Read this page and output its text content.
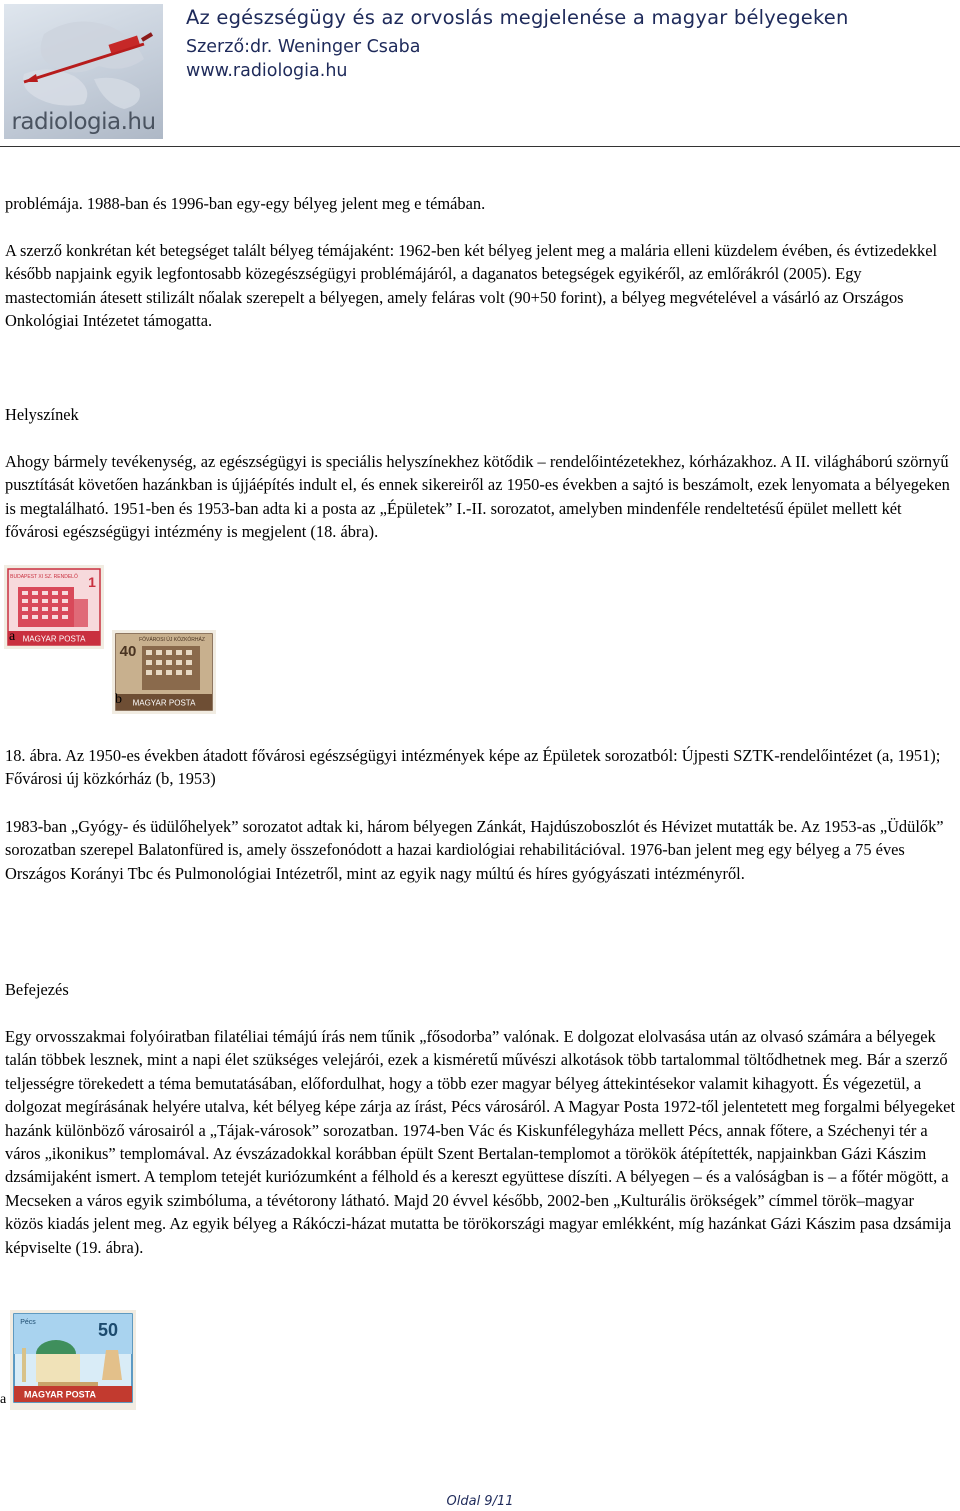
radiologia.hu
Az egészségügy és az orvoslás megjelenése a magyar bélyegeken
Szerző:dr. Weninger Csaba
www.radiologia.hu

problémája. 1988-ban és 1996-ban egy-egy bélyeg jelent meg e témában.

A szerző konkrétan két betegséget talált bélyeg témájaként: 1962-ben két bélyeg jelent meg a malária elleni küzdelem évében, és évtizedekkel később napjaink egyik legfontosabb közegészségügyi problémájáról, a daganatos betegségek egyikéről, az emlőrákról (2005). Egy mastectomián átesett stilizált nőalak szerepelt a bélyegen, amely feláras volt (90+50 forint), a bélyeg megvételével a vásárló az Országos Onkológiai Intézetet támogatta.

Helyszínek

Ahogy bármely tevékenység, az egészségügyi is speciális helyszínekhez kötődik – rendelőintézetekhez, kórházakhoz. A II. világháború szörnyű pusztítását követően hazánkban is újjáépítés indult el, és ennek sikereiről az 1950-es években a sajtó is beszámolt, ezek lenyomata a bélyegeken is megtalálható. 1951-ben és 1953-ban adta ki a posta az „Épületek” I.-II. sorozatot, amelyben mindenféle rendeltetésű épület mellett két fővárosi egészségügyi intézmény is megjelent (18. ábra).

MAGYAR POSTA
BUDAPEST XI SZ. RENDELŐ 1
a
MAGYAR POSTA
FŐVÁROSI ÚJ KÖZKÓRHÁZ
40
b

18. ábra. Az 1950-es években átadott fővárosi egészségügyi intézmények képe az Épületek sorozatból: Újpesti SZTK-rendelőintézet (a, 1951); Fővárosi új közkórház (b, 1953)

1983-ban „Gyógy- és üdülőhelyek” sorozatot adtak ki, három bélyegen Zánkát, Hajdúszoboszlót és Hévizet mutatták be. Az 1953-as „Üdülők” sorozatban szerepel Balatonfüred is, amely összefonódott a hazai kardiológiai rehabilitációval. 1976-ban jelent meg egy bélyeg a 75 éves Országos Korányi Tbc és Pulmonológiai Intézetről, mint az egyik nagy múltú és híres gyógyászati intézményről.

Befejezés

Egy orvosszakmai folyóiratban filatéliai témájú írás nem tűnik „fősodorba” valónak. E dolgozat elolvasása után az olvasó számára a bélyegek talán többek lesznek, mint a napi élet szükséges velejárói, ezek a kisméretű művészi alkotások több tartalommal töltődhetnek meg. Bár a szerző teljességre törekedett a téma bemutatásában, előfordulhat, hogy a több ezer magyar bélyeg áttekintésekor valamit kihagyott. És végezetül, a dolgozat megírásának helyére utalva, két bélyeg képe zárja az írást, Pécs városáról. A Magyar Posta 1972-től jelentetett meg forgalmi bélyegeket hazánk különböző városairól a „Tájak-városok” sorozatban. 1974-ben Vác és Kiskunfélegyháza mellett Pécs, annak főtere, a Széchenyi tér a város „ikonikus” templomával. Az évszázadokkal korábban épült Szent Bertalan-templomot a törökök átépítették, napjainkban Gázi Kászim dzsámijaként ismert. A templom tetejét kuriózumként a félhold és a kereszt együttese díszíti. A bélyegen – és a valóságban is – a főtér mögött, a Mecseken a város egyik szimbóluma, a tévétorony látható. Majd 20 évvel később, 2002-ben „Kulturális örökségek” címmel török–magyar közös kiadás jelent meg. Az egyik bélyeg a Rákóczi-házat mutatta be törökországi magyar emlékként, míg hazánkat Gázi Kászim pasa dzsámija képviselte (19. ábra).

MAGYAR POSTA
Pécs	50
a
Oldal 9/11
